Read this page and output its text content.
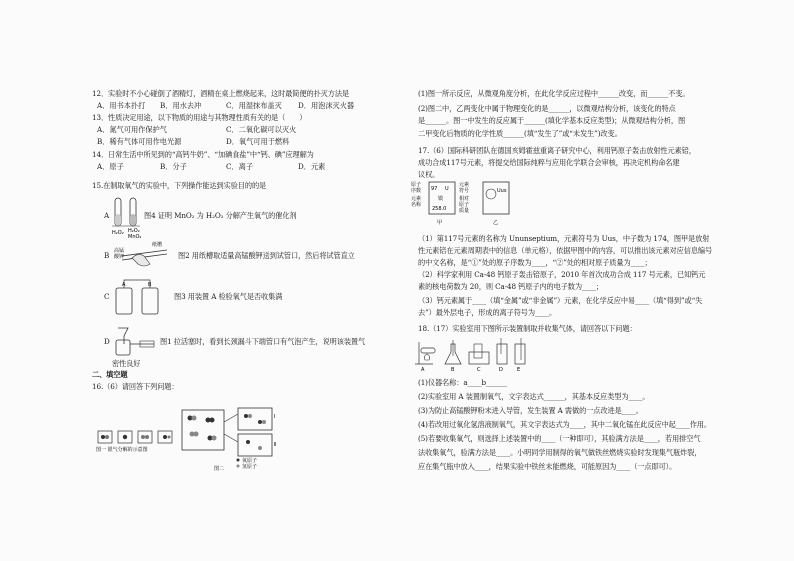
12．实验时不小心碰倒了酒精灯，酒精在桌上燃烧起来，这时最简便的扑灭方法是
A．用书本扑打 B．用水去冲	C．用湿抹布盖灭 D．用泡沫灭火器
13．性质决定用途，以下物质的用途与其物理性质有关的是（　　）
A．氮气可用作保护气	C．二氧化碳可以灭火
B．稀有气体可用作电光源	D．氧气可用于燃料
14．日常生活中所见到的“高钙牛奶”、“加碘食盐”中“钙、碘”应理解为
A．原子	B．分子	C．离子	D．元素
15.在制取氧气的实验中，下列操作能达到实验目的的是
A
H₂O₂ H₂O₂
MnO₂
图4 证明 MnO₂ 为 H₂O₂ 分解产生氧气的催化剂
B 高锰
酸钾
纸槽
图2 用纸槽取适量高锰酸钾送到试管口，然后将试管直立
C
A	B
图3 用装置 A 检验氧气是否收集满
D	图1 拉活塞时，看到长颈漏斗下端管口有气泡产生，说明该装置气
密性良好
二、填空题
16.（6）请回答下列问题：
图一 银气分解的示意图
Ⅰ
Ⅱ
氧原子
氢原子
图二
(1)图一所示反应，从微观角度分析，在此化学反应过程中______改变，而______不变。
(2)图二中，乙两变化中属于物理变化的是______，以微观结构分析，该变化的特点
是______。图一中发生的反应属于______(填化学基本反应类型)；从微观结构分析，图
二甲变化后物质的化学性质______(填“发生了”或“未发生”)改变。
17.（6）国际科研团队在德国亥姆霍兹重离子研究中心，利用钙原子轰击放射性元素锫，
成功合成117号元素，将提交给国际纯粹与应用化学联合会审核，再决定机构命名建
议权。
原子
序数
元素
名称
97 U
镆
258.0
元素
符号
相对
原子
质量
甲
Uus
乙
（1）第117号元素的名称为 Ununseptium，元素符号为 Uus，中子数为 174，图甲是放射
性元素锫在元素周期表中的信息（单元格），依据甲图中的内容，可以推出该元素对应信息编号
的中文名称，是“①”处的原子序数为____，“②”处的相对原子质量为____；
（2）科学家利用 Ca-48 钙原子轰击锫原子，2010 年首次成功合成 117 号元素，已知钙元
素的核电荷数为 20，则 Ca-48 钙原子内的电子数为____；
（3）钙元素属于____（填“金属”或“非金属”）元素，在化学反应中易____（填“得到”或“失
去”）最外层电子，形成的离子符号为____。
18.（17）实验室用下图所示装置制取并收集气体，请回答以下问题：
A	B	C	D	E
(1)仪器名称：a____b______
(2)实验室用 A 装置制氧气，文字表达式______，其基本反应类型为____。
(3)为防止高锰酸钾粉末进入导管，发生装置 A 需做的一点改进是____。
(4)若改用过氧化氢溶液制氧气，其文字表达式为____，其中二氧化锰在此反应中起____作用。
(5)若要收集氧气，则选择上述装置中的____（一种即可），其验满方法是____，若用排空气
法收集氧气，验满方法是____。小明同学用制得的氧气做铁丝燃烧实验时发现集气瓶炸裂，
应在集气瓶中放入____，结果实验中铁丝未能燃烧，可能原因为____（一点即可）。
